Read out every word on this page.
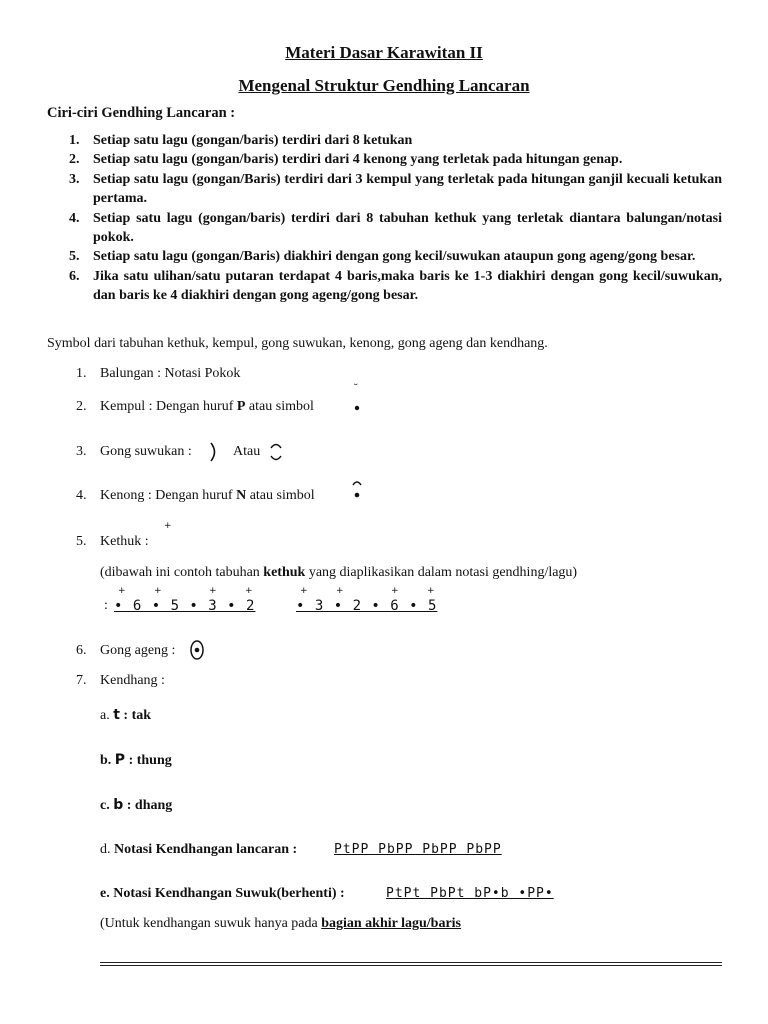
Materi Dasar Karawitan II
Mengenal Struktur Gendhing Lancaran
Ciri-ciri Gendhing Lancaran :
1. Setiap satu lagu (gongan/baris) terdiri dari 8 ketukan
2. Setiap satu lagu (gongan/baris) terdiri dari 4 kenong yang terletak pada hitungan genap.
3. Setiap satu lagu (gongan/Baris) terdiri dari 3 kempul yang terletak pada hitungan ganjil kecuali ketukan pertama.
4. Setiap satu lagu (gongan/baris) terdiri dari 8 tabuhan kethuk yang terletak diantara balungan/notasi pokok.
5. Setiap satu lagu (gongan/Baris) diakhiri dengan gong kecil/suwukan ataupun gong ageng/gong besar.
6. Jika satu ulihan/satu putaran terdapat 4 baris,maka baris ke 1-3 diakhiri dengan gong kecil/suwukan, dan baris ke 4 diakhiri dengan gong ageng/gong besar.
Symbol dari tabuhan kethuk, kempul, gong suwukan, kenong, gong ageng dan kendhang.
1. Balungan : Notasi Pokok
2. Kempul : Dengan huruf P atau simbol
˘
3. Gong suwukan :	Atau
4. Kenong : Dengan huruf N atau simbol
5. Kethuk :
+
(dibawah ini contoh tabuhan kethuk yang diaplikasikan dalam notasi gendhing/lagu)
: • 6 • 5 • 3 • 2	• 3 • 2 • 6 • 5
+	+	+	+	+	+	+	+
6. Gong ageng :
7. Kendhang :
a. t : tak
b. P : thung
c. b : dhang
d. Notasi Kendhangan lancaran :	PtPP PbPP PbPP PbPP
e. Notasi Kendhangan Suwuk(berhenti) :	PtPt PbPt bP•b •PP•
(Untuk kendhangan suwuk hanya pada bagian akhir lagu/baris
